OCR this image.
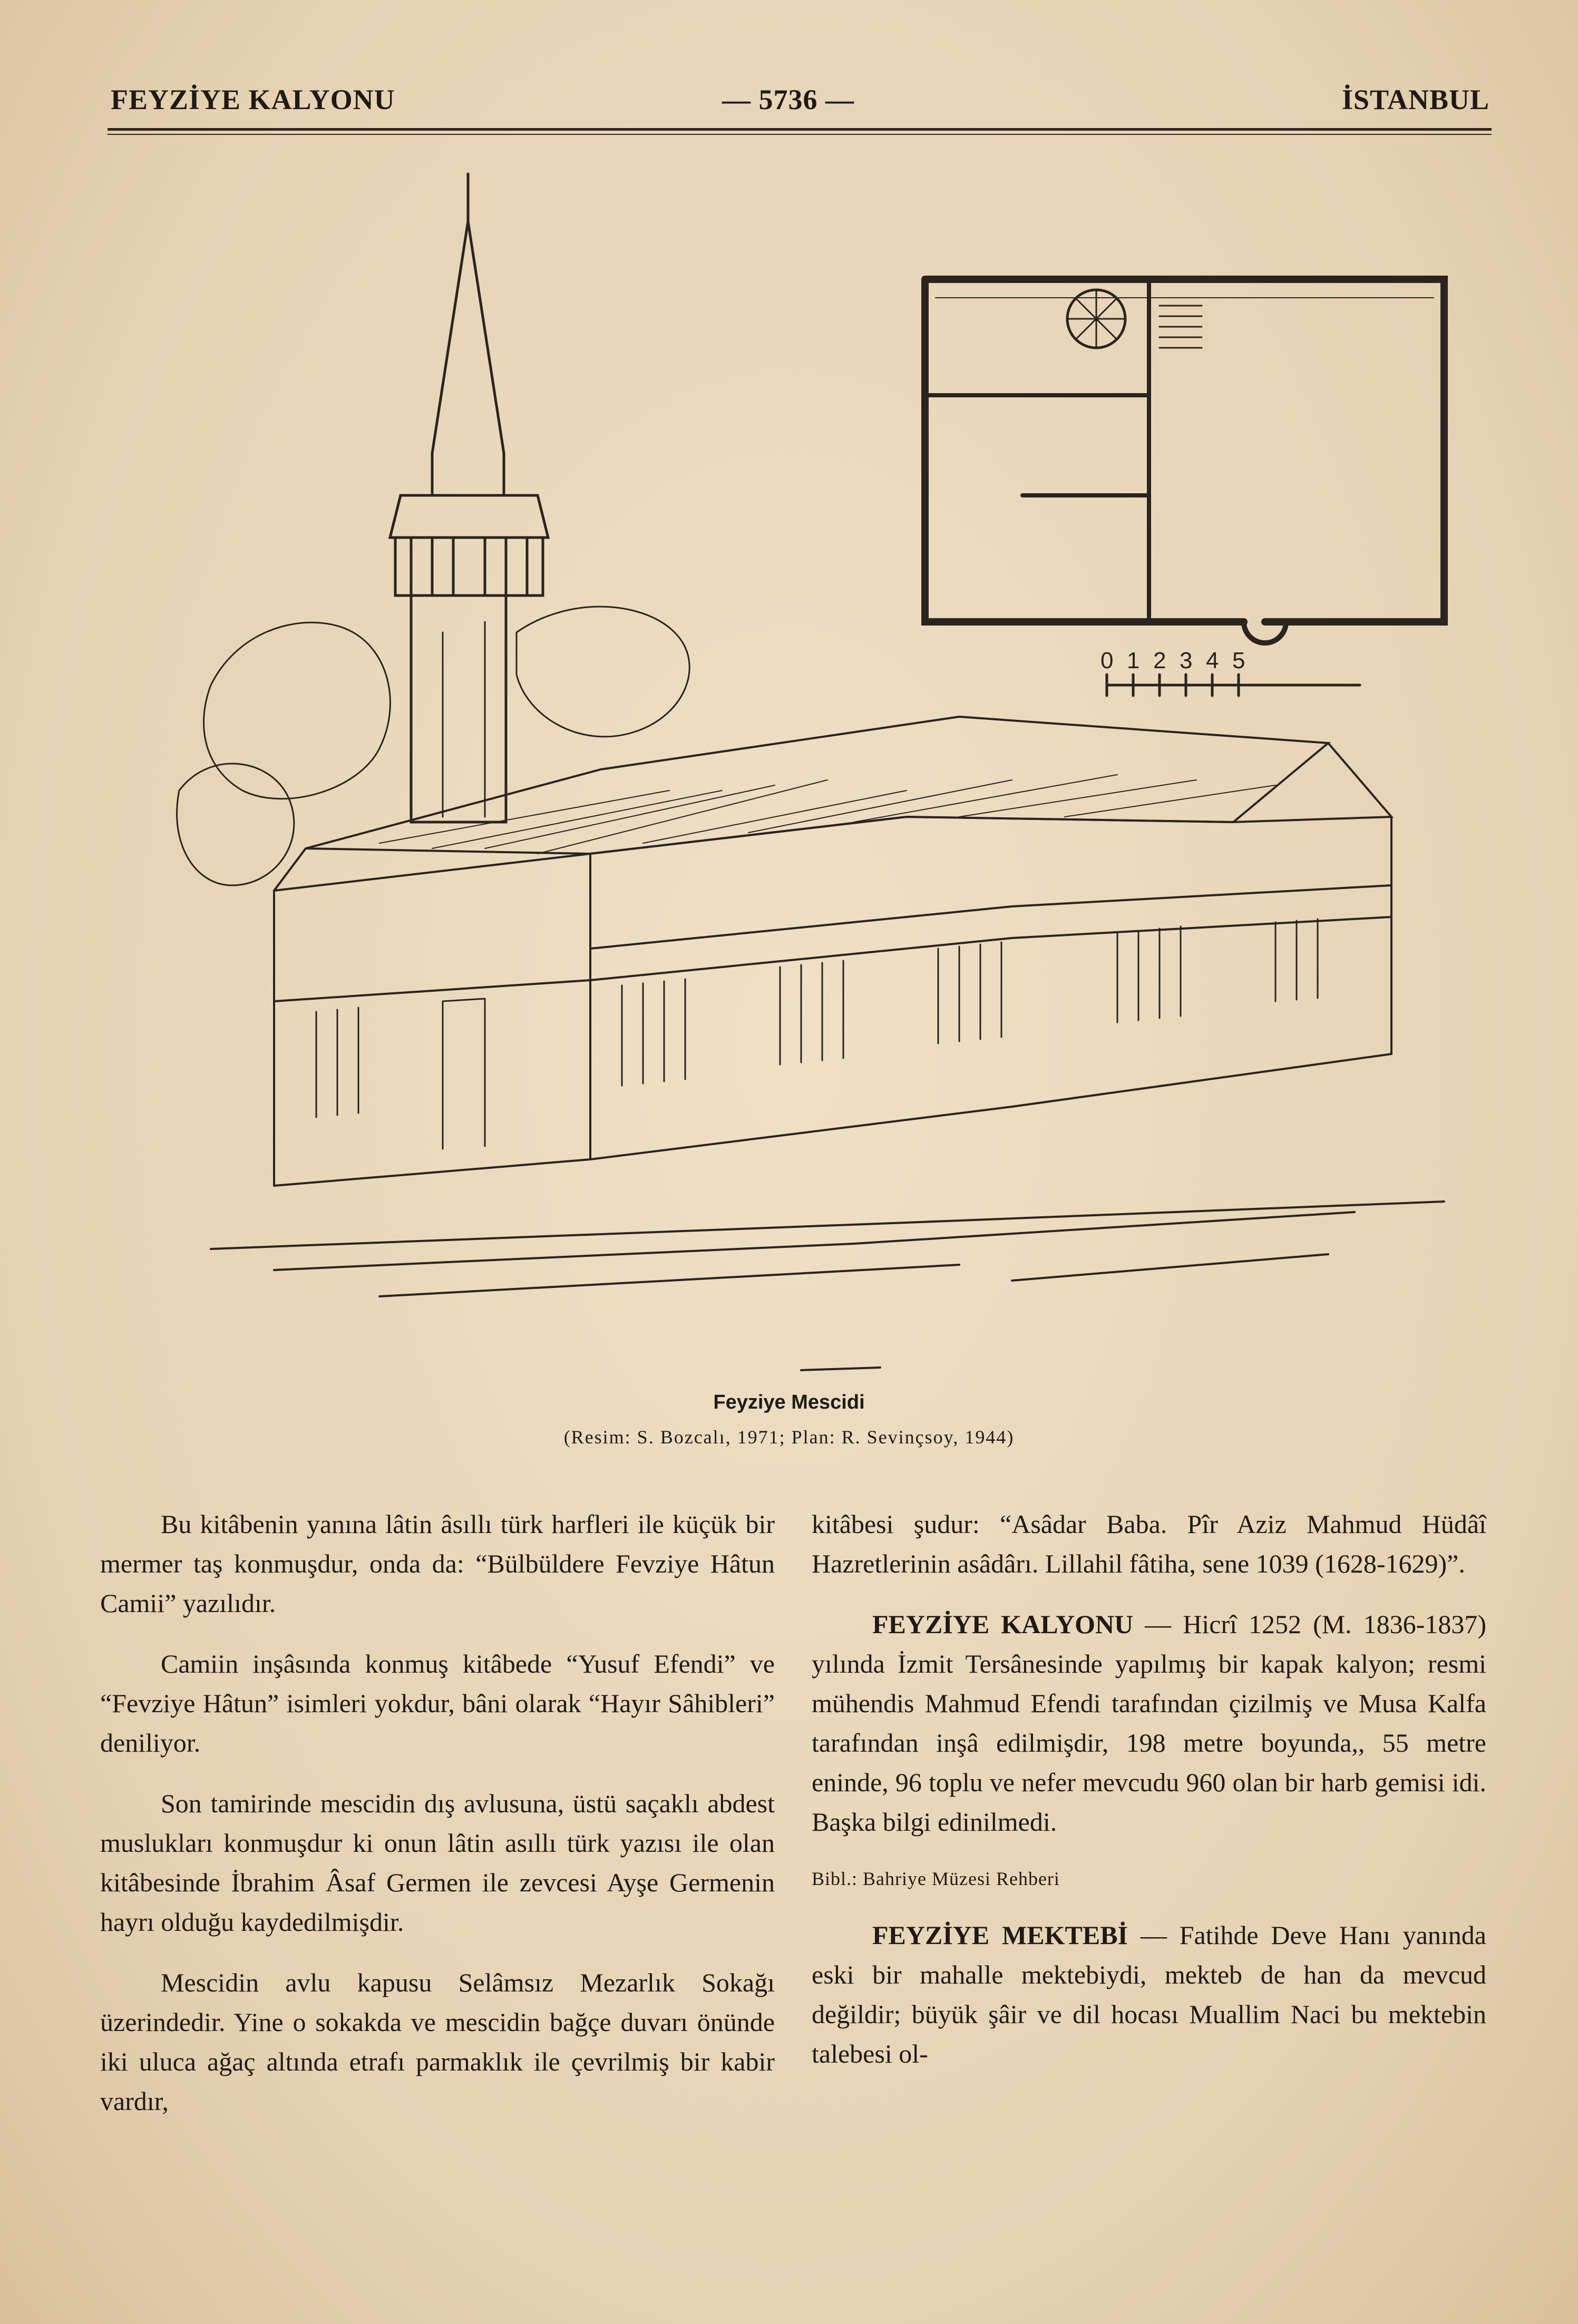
FEYZİYE KALYONU	— 5736 —	İSTANBUL
0 1 2 3 4 5
Feyziye Mescidi
(Resim: S. Bozcalı, 1971; Plan: R. Sevinçsoy, 1944)

Bu kitâbenin yanına lâtin âsıllı türk harfleri ile küçük bir mermer taş konmuşdur, onda da: “Bülbüldere Fevziye Hâtun Camii” yazılıdır.

Camiin inşâsında konmuş kitâbede “Yusuf Efendi” ve “Fevziye Hâtun” isimleri yokdur, bâni olarak “Hayır Sâhibleri” deniliyor.

Son tamirinde mescidin dış avlusuna, üstü saçaklı abdest muslukları konmuşdur ki onun lâtin asıllı türk yazısı ile olan kitâbesinde İbrahim Âsaf Germen ile zevcesi Ayşe Germenin hayrı olduğu kaydedilmişdir.

Mescidin avlu kapusu Selâmsız Mezarlık Sokağı üzerindedir. Yine o sokakda ve mescidin bağçe duvarı önünde iki uluca ağaç altında etrafı parmaklık ile çevrilmiş bir kabir vardır,

kitâbesi şudur: “Asâdar Baba. Pîr Aziz Mahmud Hüdâî Hazretlerinin asâdârı. Lillahil fâtiha, sene 1039 (1628-1629)”.

FEYZİYE KALYONU — Hicrî 1252 (M. 1836-1837) yılında İzmit Tersânesinde yapılmış bir kapak kalyon; resmi mühendis Mahmud Efendi tarafından çizilmiş ve Musa Kalfa tarafından inşâ edilmişdir, 198 metre boyunda,, 55 metre eninde, 96 toplu ve nefer mevcudu 960 olan bir harb gemisi idi. Başka bilgi edinilmedi.

Bibl.: Bahriye Müzesi Rehberi

FEYZİYE MEKTEBİ — Fatihde Deve Hanı yanında eski bir mahalle mektebiydi, mekteb de han da mevcud değildir; büyük şâir ve dil hocası Muallim Naci bu mektebin talebesi ol-
